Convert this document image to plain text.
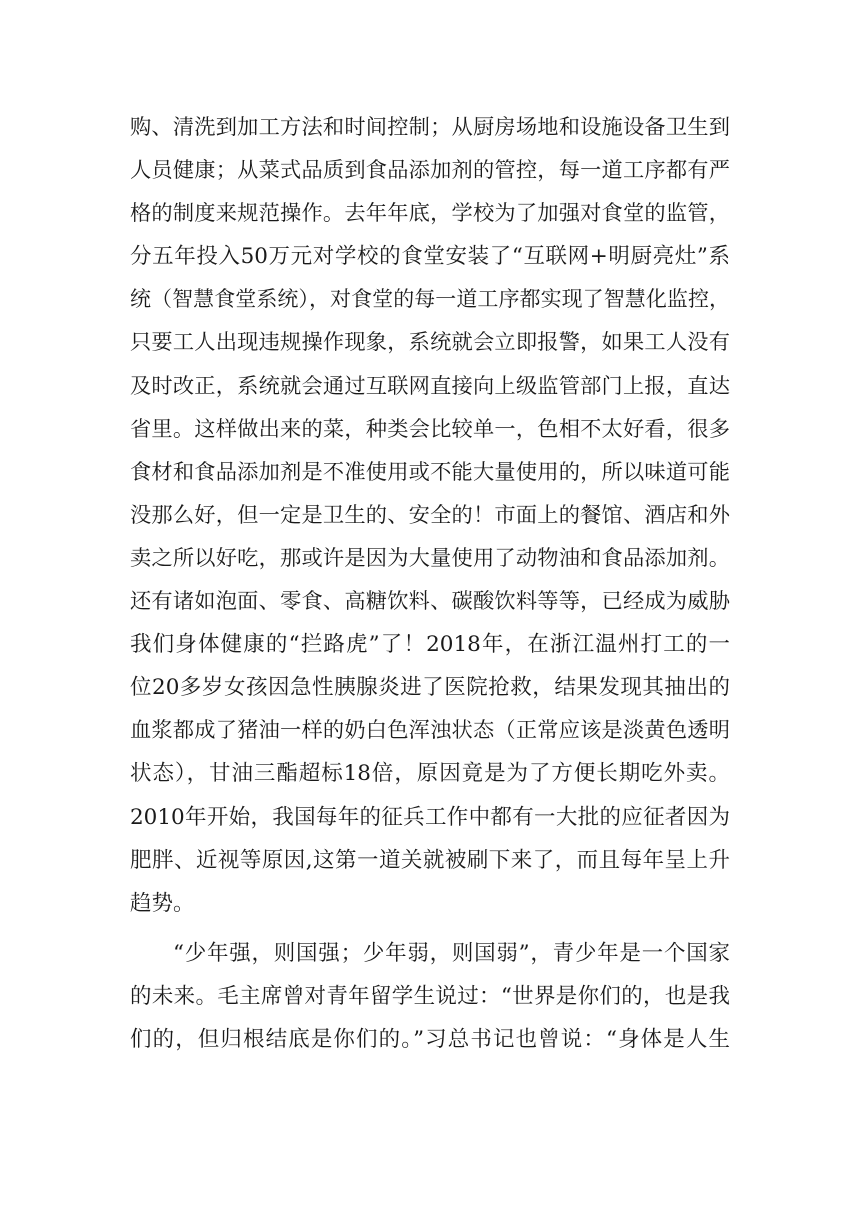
购、清洗到加工方法和时间控制；从厨房场地和设施设备卫生到
人员健康；从菜式品质到食品添加剂的管控，每一道工序都有严
格的制度来规范操作。去年年底，学校为了加强对食堂的监管，
分五年投入50万元对学校的食堂安装了“互联网+明厨亮灶”系
统（智慧食堂系统），对食堂的每一道工序都实现了智慧化监控，
只要工人出现违规操作现象，系统就会立即报警，如果工人没有
及时改正，系统就会通过互联网直接向上级监管部门上报，直达
省里。这样做出来的菜，种类会比较单一，色相不太好看，很多
食材和食品添加剂是不准使用或不能大量使用的，所以味道可能
没那么好，但一定是卫生的、安全的！市面上的餐馆、酒店和外
卖之所以好吃，那或许是因为大量使用了动物油和食品添加剂。
还有诸如泡面、零食、高糖饮料、碳酸饮料等等，已经成为威胁
我们身体健康的“拦路虎”了！2018年，在浙江温州打工的一
位20多岁女孩因急性胰腺炎进了医院抢救，结果发现其抽出的
血浆都成了猪油一样的奶白色浑浊状态（正常应该是淡黄色透明
状态），甘油三酯超标18倍，原因竟是为了方便长期吃外卖。
2010年开始，我国每年的征兵工作中都有一大批的应征者因为
肥胖、近视等原因,这第一道关就被刷下来了，而且每年呈上升
趋势。
“少年强，则国强；少年弱，则国弱”，青少年是一个国家
的未来。毛主席曾对青年留学生说过：“世界是你们的，也是我
们的，但归根结底是你们的。”习总书记也曾说：“身体是人生
